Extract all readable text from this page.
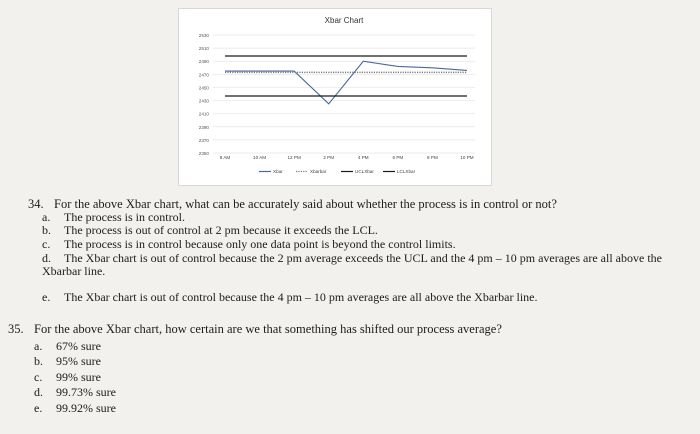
Xbar Chart
2530
2510
2490
2470
2450
2430
2410
2390
2370
2350
8 AM	10 AM	12 PM	2 PM	4 PM	6 PM	8 PM	10 PM
Xbar	Xbarbar	UCLXbar	LCLXbar
34. For the above Xbar chart, what can be accurately said about whether the process is in control or not?
a. The process is in control.
b. The process is out of control at 2 pm because it exceeds the LCL.
c. The process is in control because only one data point is beyond the control limits.
d. The Xbar chart is out of control because the 2 pm average exceeds the UCL and the 4 pm – 10 pm averages are all above the Xbarbar line.
e. The Xbar chart is out of control because the 4 pm – 10 pm averages are all above the Xbarbar line.
35. For the above Xbar chart, how certain are we that something has shifted our process average?
a. 67% sure
b. 95% sure
c. 99% sure
d. 99.73% sure
e. 99.92% sure
